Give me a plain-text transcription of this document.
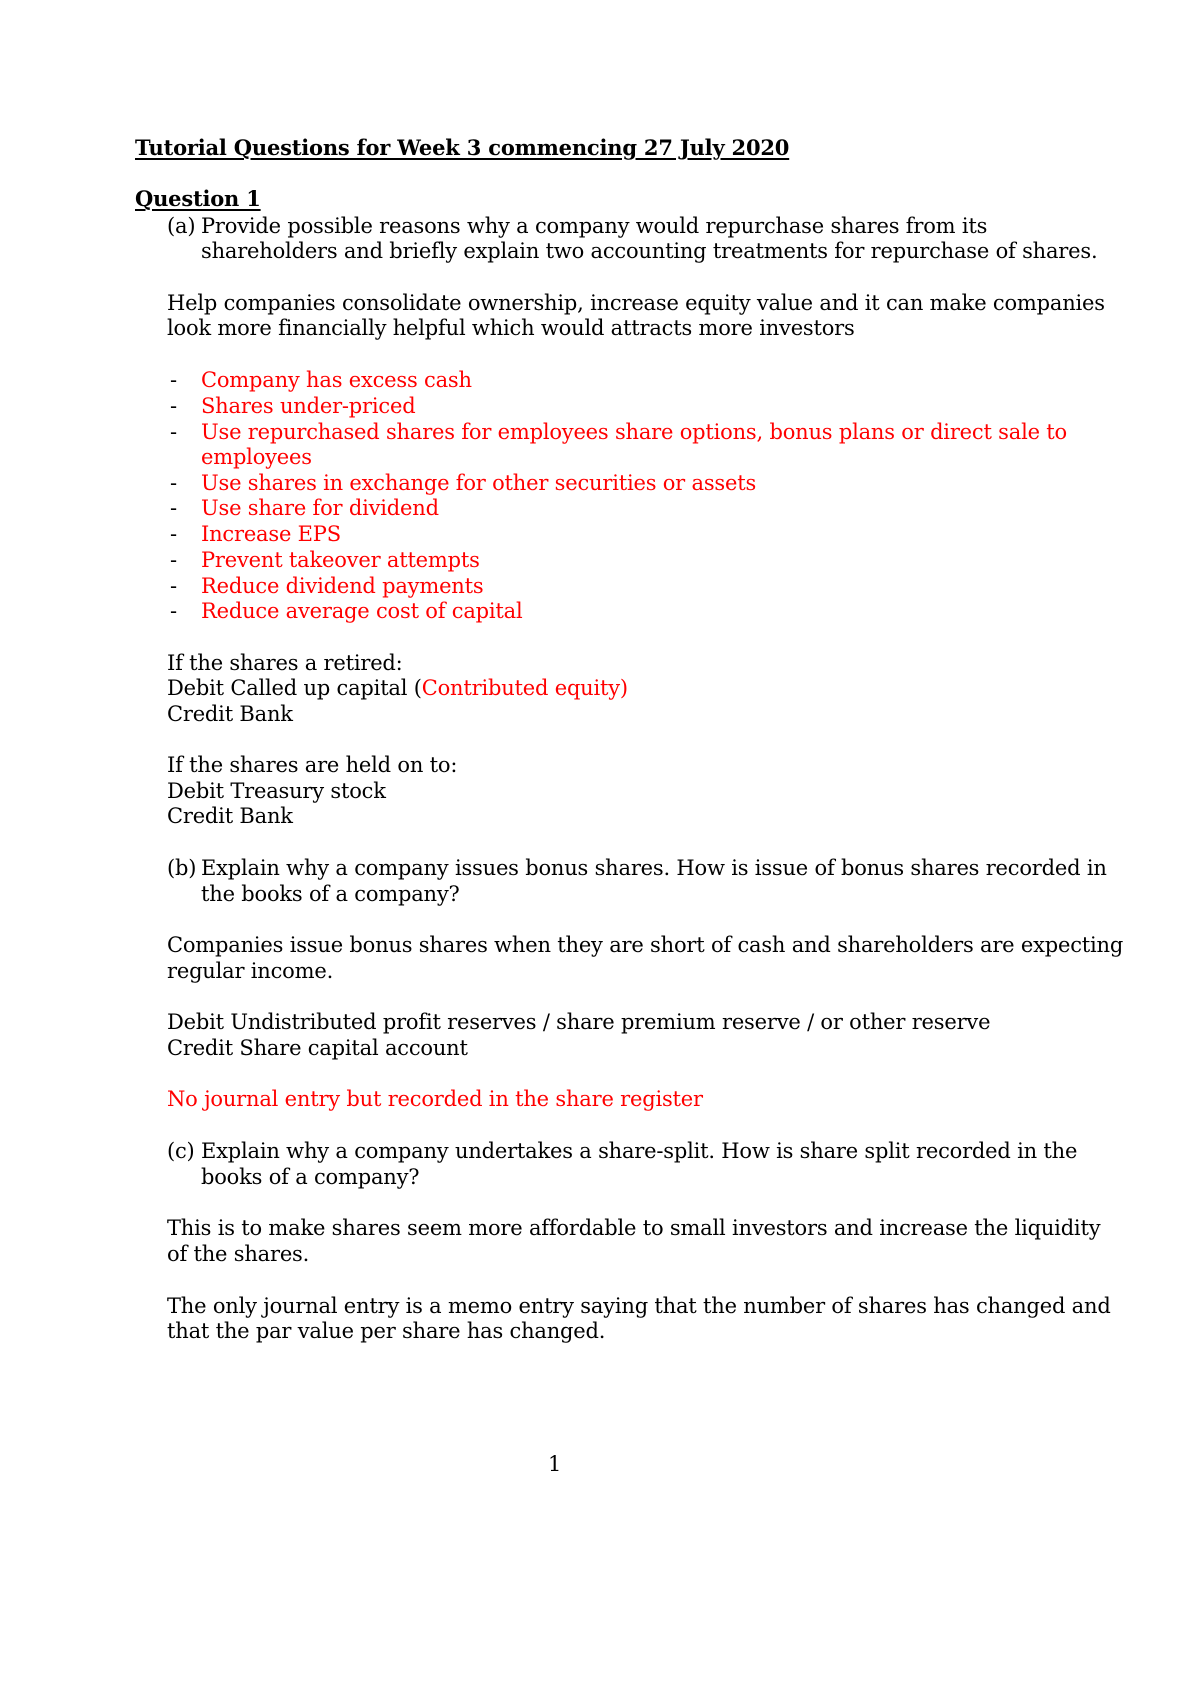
Tutorial Questions for Week 3 commencing 27 July 2020
Question 1
(a) Provide possible reasons why a company would repurchase shares from its
shareholders and briefly explain two accounting treatments for repurchase of shares.
Help companies consolidate ownership, increase equity value and it can make companies
look more financially helpful which would attracts more investors
- Company has excess cash
- Shares under-priced
- Use repurchased shares for employees share options, bonus plans or direct sale to
employees
- Use shares in exchange for other securities or assets
- Use share for dividend
- Increase EPS
- Prevent takeover attempts
- Reduce dividend payments
- Reduce average cost of capital
If the shares a retired:
Debit Called up capital (Contributed equity)
Credit Bank
If the shares are held on to:
Debit Treasury stock
Credit Bank
(b) Explain why a company issues bonus shares. How is issue of bonus shares recorded in
the books of a company?
Companies issue bonus shares when they are short of cash and shareholders are expecting
regular income.
Debit Undistributed profit reserves / share premium reserve / or other reserve
Credit Share capital account
No journal entry but recorded in the share register
(c) Explain why a company undertakes a share-split. How is share split recorded in the
books of a company?
This is to make shares seem more affordable to small investors and increase the liquidity
of the shares.
The only journal entry is a memo entry saying that the number of shares has changed and
that the par value per share has changed.
1
